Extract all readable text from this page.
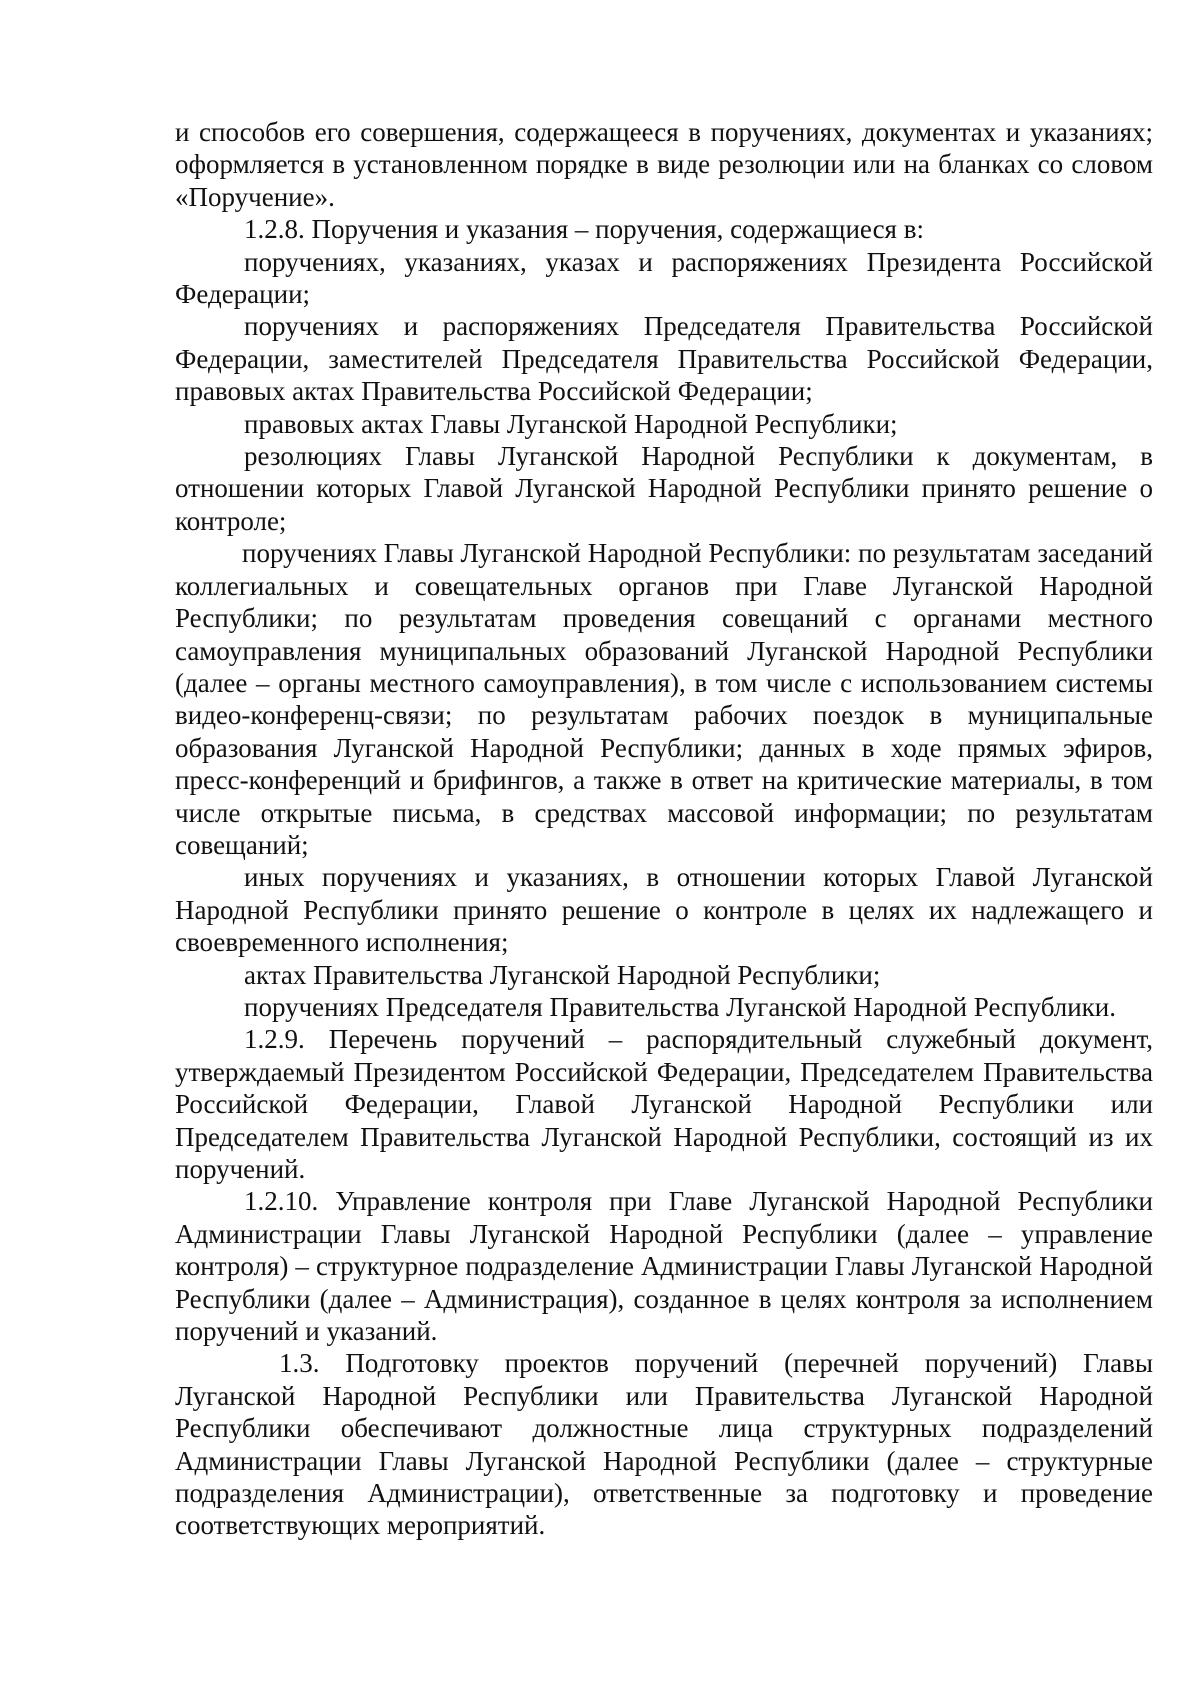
и способов его совершения, содержащееся в поручениях, документах и указаниях; оформляется в установленном порядке в виде резолюции или на бланках со словом «Поручение».

1.2.8. Поручения и указания – поручения, содержащиеся в:

поручениях, указаниях, указах и распоряжениях Президента Российской Федерации;

поручениях и распоряжениях Председателя Правительства Российской Федерации, заместителей Председателя Правительства Российской Федерации, правовых актах Правительства Российской Федерации;

правовых актах Главы Луганской Народной Республики;

резолюциях Главы Луганской Народной Республики к документам, в отношении которых Главой Луганской Народной Республики принято решение о контроле;

поручениях Главы Луганской Народной Республики: по результатам заседаний коллегиальных и совещательных органов при Главе Луганской Народной Республики; по результатам проведения совещаний с органами местного самоуправления муниципальных образований Луганской Народной Республики (далее – органы местного самоуправления), в том числе с использованием системы видео-конференц-связи; по результатам рабочих поездок в муниципальные образования Луганской Народной Республики; данных в ходе прямых эфиров, пресс-конференций и брифингов, а также в ответ на критические материалы, в том числе открытые письма, в средствах массовой информации; по результатам совещаний;

иных поручениях и указаниях, в отношении которых Главой Луганской Народной Республики принято решение о контроле в целях их надлежащего и своевременного исполнения;

актах Правительства Луганской Народной Республики;

поручениях Председателя Правительства Луганской Народной Республики.

1.2.9. Перечень поручений – распорядительный служебный документ, утверждаемый Президентом Российской Федерации, Председателем Правительства Российской Федерации, Главой Луганской Народной Республики или Председателем Правительства Луганской Народной Республики, состоящий из их поручений.

1.2.10. Управление контроля при Главе Луганской Народной Республики Администрации Главы Луганской Народной Республики (далее – управление контроля) – структурное подразделение Администрации Главы Луганской Народной Республики (далее – Администрация), созданное в целях контроля за исполнением поручений и указаний.

1.3. Подготовку проектов поручений (перечней поручений) Главы Луганской Народной Республики или Правительства Луганской Народной Республики обеспечивают должностные лица структурных подразделений Администрации Главы Луганской Народной Республики (далее – структурные подразделения Администрации), ответственные за подготовку и проведение соответствующих мероприятий.
